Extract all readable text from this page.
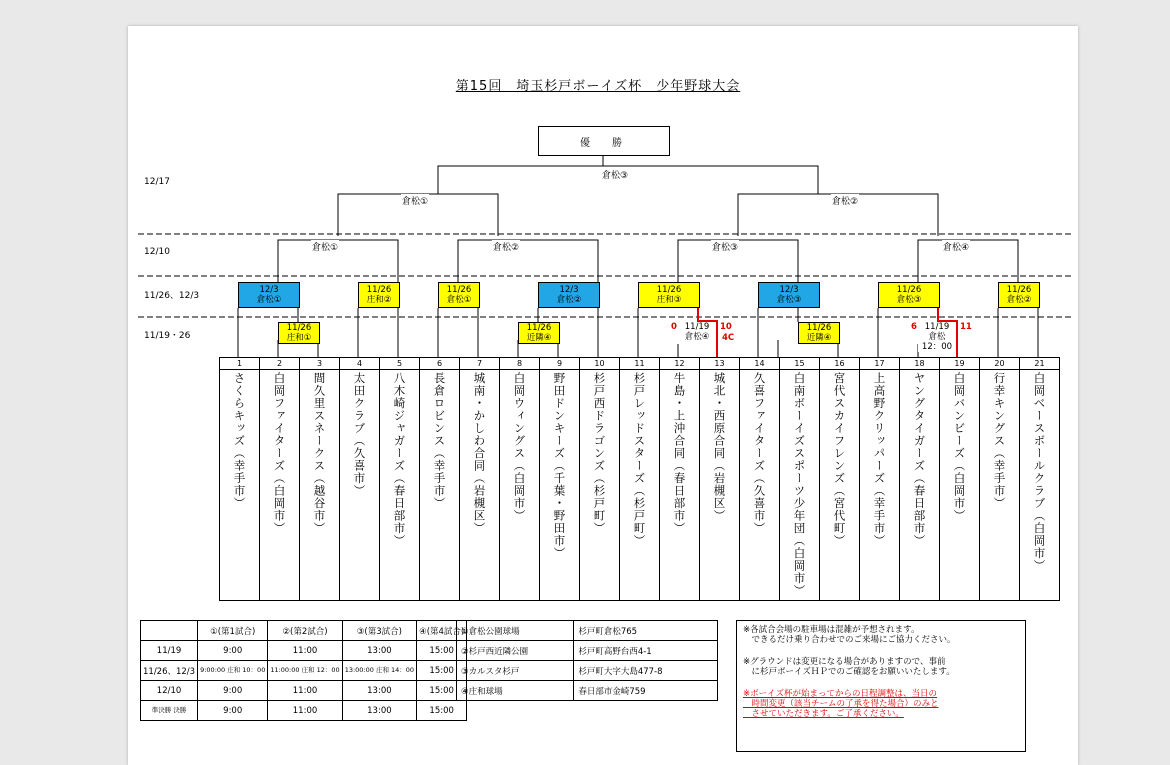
第15回　埼玉杉戸ボーイズ杯　少年野球大会
優　勝
12/17
12/10
11/26、12/3
11/19・26
倉松③
倉松①	倉松②
倉松①	倉松②	倉松③	倉松④
12/3
倉松①
11/26
庄和②
11/26
倉松①
12/3
倉松②
11/26
庄和③
12/3
倉松③
11/26
倉松③
11/26
倉松②
11/26
庄和①
11/26
近隣④
11/19
倉松④
11/26
近隣④
11/19
倉松
12：00
0	10
4C
6	11
1
さくらキッズ（幸手市）
2
白岡ファイターズ（白岡市）
3
間久里スネークス（越谷市）
4
太田クラブ（久喜市）
5
八木崎ジャガーズ（春日部市）
6
長倉ロビンス（幸手市）
7
城南・かしわ合同（岩槻区）
8
白岡ウィングス（白岡市）
9
野田ドンキーズ（千葉・野田市）
10
杉戸西ドラゴンズ（杉戸町）
11
杉戸レッドスターズ（杉戸町）
12
牛島・上沖合同（春日部市）
13
城北・西原合同（岩槻区）
14
久喜ファイターズ（久喜市）
15
白南ボーイズスポーツ少年団（白岡市）
16
宮代スカイフレンズ（宮代町）
17
上高野クリッパーズ（幸手市）
18
ヤングタイガーズ（春日部市）
19
白岡バンビーズ（白岡市）
20
行幸キングス（幸手市）
21
白岡ベースボールクラブ（白岡市）
	①(第1試合)	②(第2試合)	③(第3試合)	④(第4試合)
11/19	9:00	11:00	13:00	15:00
11/26、12/3	9:00:00 庄和 10：00	11:00:00 庄和 12：00	13:00:00 庄和 14：00	15:00
12/10	9:00	11:00	13:00	15:00
準決勝 決勝	9:00	11:00	13:00	15:00
①倉松公園球場	杉戸町倉松765
②杉戸西近隣公園	杉戸町高野台西4-1
③カルスタ杉戸	杉戸町大字大島477-8
④庄和球場	春日部市金崎759

※各試合会場の駐車場は混雑が予想されます。
　できるだけ乗り合わせでのご来場にご協力ください。

※グラウンドは変更になる場合がありますので、事前
　に杉戸ボーイズＨＰでのご確認をお願いいたします。

※ボーイズ杯が始まってからの日程調整は、当日の
　時間変更（該当チームの了承を得た場合）のみと
　させていただきます。ご了承ください。
